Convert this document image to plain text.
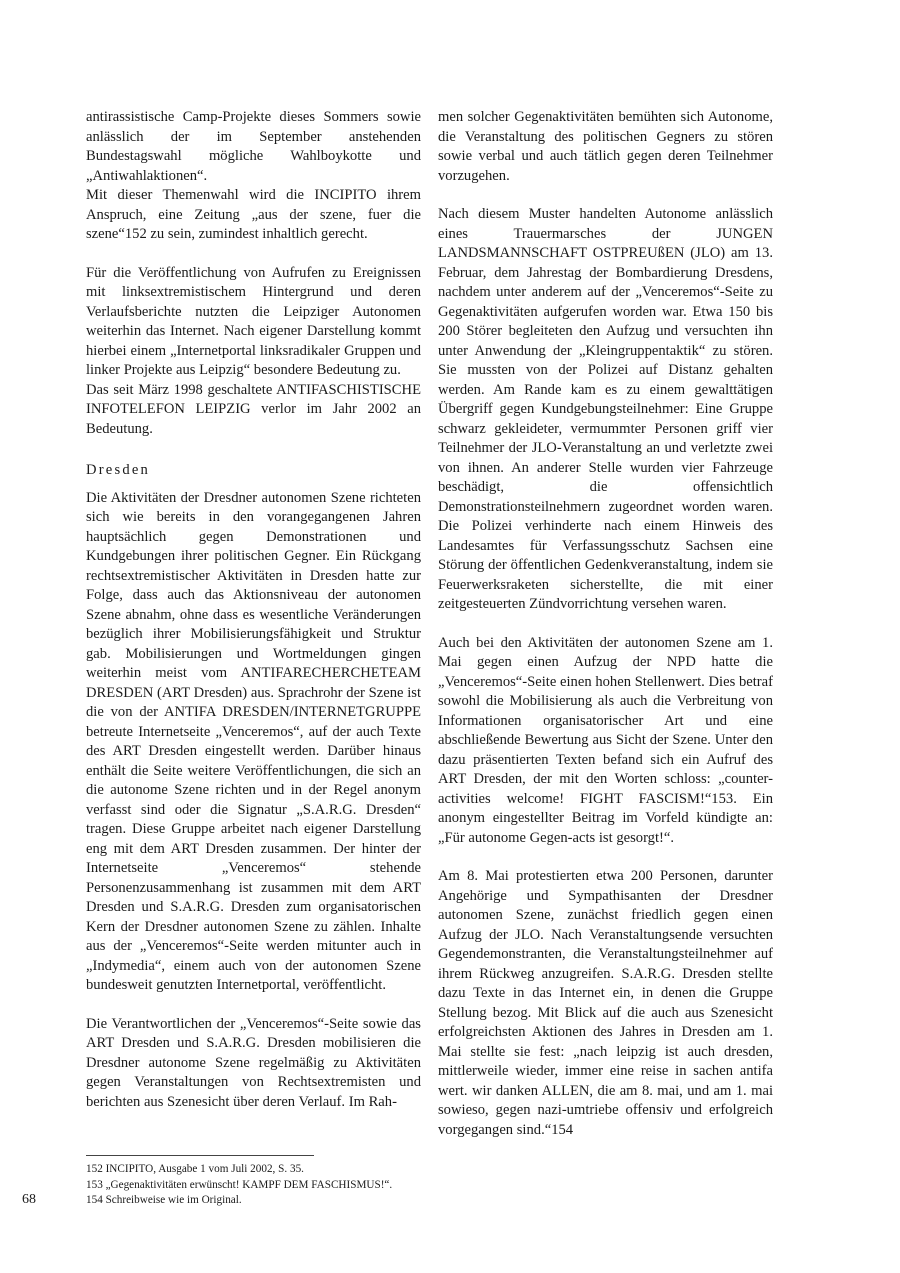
antirassistische Camp-Projekte dieses Sommers sowie anlässlich der im September anstehenden Bundestagswahl mögliche Wahlboykotte und „Antiwahlaktionen“.

Mit dieser Themenwahl wird die INCIPITO ihrem Anspruch, eine Zeitung „aus der szene, fuer die szene“152 zu sein, zumindest inhaltlich gerecht.

Für die Veröffentlichung von Aufrufen zu Ereignissen mit linksextremistischem Hintergrund und deren Verlaufsberichte nutzten die Leipziger Autonomen weiterhin das Internet. Nach eigener Darstellung kommt hierbei einem „Internetportal linksradikaler Gruppen und linker Projekte aus Leipzig“ besondere Bedeutung zu.

Das seit März 1998 geschaltete ANTIFASCHISTISCHE INFOTELEFON LEIPZIG verlor im Jahr 2002 an Bedeutung.

Dresden

Die Aktivitäten der Dresdner autonomen Szene richteten sich wie bereits in den vorangegangenen Jahren hauptsächlich gegen Demonstrationen und Kundgebungen ihrer politischen Gegner. Ein Rückgang rechtsextremistischer Aktivitäten in Dresden hatte zur Folge, dass auch das Aktionsniveau der autonomen Szene abnahm, ohne dass es wesentliche Veränderungen bezüglich ihrer Mobilisierungsfähigkeit und Struktur gab. Mobilisierungen und Wortmeldungen gingen weiterhin meist vom ANTIFARECHERCHETEAM DRESDEN (ART Dresden) aus. Sprachrohr der Szene ist die von der ANTIFA DRESDEN/INTERNETGRUPPE betreute Internetseite „Venceremos“, auf der auch Texte des ART Dresden eingestellt werden. Darüber hinaus enthält die Seite weitere Veröffentlichungen, die sich an die autonome Szene richten und in der Regel anonym verfasst sind oder die Signatur „S.A.R.G. Dresden“ tragen. Diese Gruppe arbeitet nach eigener Darstellung eng mit dem ART Dresden zusammen. Der hinter der Internetseite „Venceremos“ stehende Personenzusammenhang ist zusammen mit dem ART Dresden und S.A.R.G. Dresden zum organisatorischen Kern der Dresdner autonomen Szene zu zählen. Inhalte aus der „Venceremos“-Seite werden mitunter auch in „Indymedia“, einem auch von der autonomen Szene bundesweit genutzten Internetportal, veröffentlicht.

Die Verantwortlichen der „Venceremos“-Seite sowie das ART Dresden und S.A.R.G. Dresden mobilisieren die Dresdner autonome Szene regelmäßig zu Aktivitäten gegen Veranstaltungen von Rechtsextremisten und berichten aus Szenesicht über deren Verlauf. Im Rah-

men solcher Gegenaktivitäten bemühten sich Autonome, die Veranstaltung des politischen Gegners zu stören sowie verbal und auch tätlich gegen deren Teilnehmer vorzugehen.

Nach diesem Muster handelten Autonome anlässlich eines Trauermarsches der JUNGEN LANDSMANNSCHAFT OSTPREUßEN (JLO) am 13. Februar, dem Jahrestag der Bombardierung Dresdens, nachdem unter anderem auf der „Venceremos“-Seite zu Gegenaktivitäten aufgerufen worden war. Etwa 150 bis 200 Störer begleiteten den Aufzug und versuchten ihn unter Anwendung der „Kleingruppentaktik“ zu stören. Sie mussten von der Polizei auf Distanz gehalten werden. Am Rande kam es zu einem gewalttätigen Übergriff gegen Kundgebungsteilnehmer: Eine Gruppe schwarz gekleideter, vermummter Personen griff vier Teilnehmer der JLO-Veranstaltung an und verletzte zwei von ihnen. An anderer Stelle wurden vier Fahrzeuge beschädigt, die offensichtlich Demonstrationsteilnehmern zugeordnet worden waren. Die Polizei verhinderte nach einem Hinweis des Landesamtes für Verfassungsschutz Sachsen eine Störung der öffentlichen Gedenkveranstaltung, indem sie Feuerwerksraketen sicherstellte, die mit einer zeitgesteuerten Zündvorrichtung versehen waren.

Auch bei den Aktivitäten der autonomen Szene am 1. Mai gegen einen Aufzug der NPD hatte die „Venceremos“-Seite einen hohen Stellenwert. Dies betraf sowohl die Mobilisierung als auch die Verbreitung von Informationen organisatorischer Art und eine abschließende Bewertung aus Sicht der Szene. Unter den dazu präsentierten Texten befand sich ein Aufruf des ART Dresden, der mit den Worten schloss: „counter-activities welcome! FIGHT FASCISM!“153. Ein anonym eingestellter Beitrag im Vorfeld kündigte an: „Für autonome Gegen-acts ist gesorgt!“.

Am 8. Mai protestierten etwa 200 Personen, darunter Angehörige und Sympathisanten der Dresdner autonomen Szene, zunächst friedlich gegen einen Aufzug der JLO. Nach Veranstaltungsende versuchten Gegendemonstranten, die Veranstaltungsteilnehmer auf ihrem Rückweg anzugreifen. S.A.R.G. Dresden stellte dazu Texte in das Internet ein, in denen die Gruppe Stellung bezog. Mit Blick auf die auch aus Szenesicht erfolgreichsten Aktionen des Jahres in Dresden am 1. Mai stellte sie fest: „nach leipzig ist auch dresden, mittlerweile wieder, immer eine reise in sachen antifa wert. wir danken ALLEN, die am 8. mai, und am 1. mai sowieso, gegen nazi-umtriebe offensiv und erfolgreich vorgegangen sind.“154

152 INCIPITO, Ausgabe 1 vom Juli 2002, S. 35.
153 „Gegenaktivitäten erwünscht! KAMPF DEM FASCHISMUS!“.
154 Schreibweise wie im Original.
68
